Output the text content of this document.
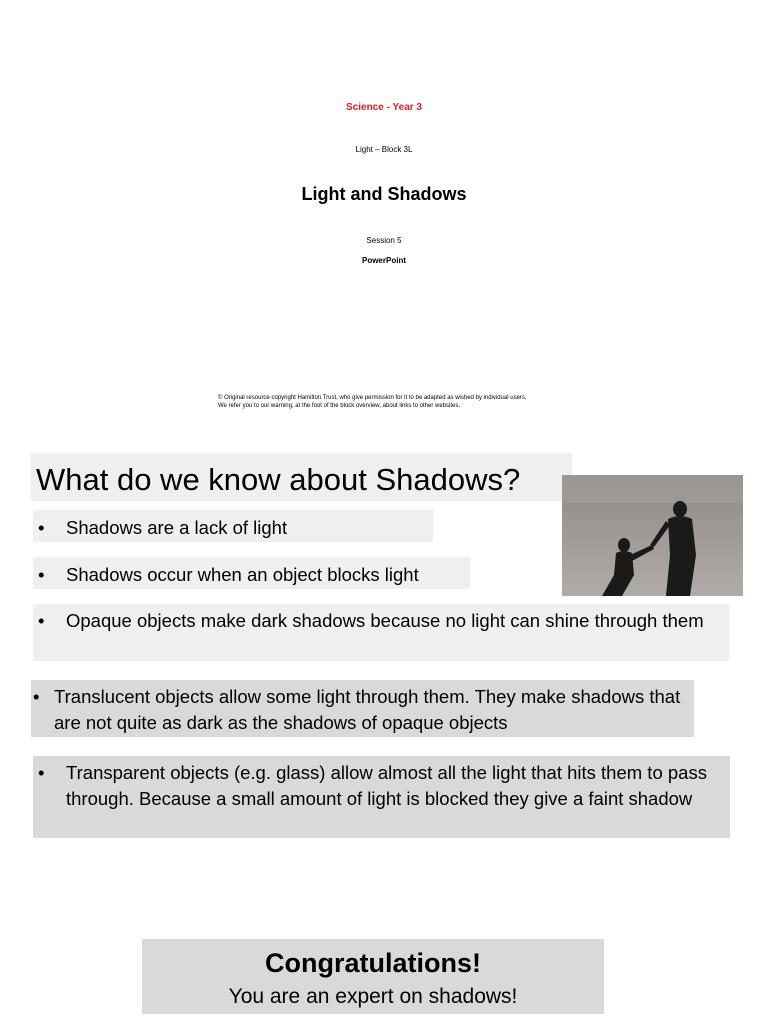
Science - Year 3
Light – Block 3L
Light and Shadows
Session 5
PowerPoint
© Original resource copyright Hamilton Trust, who give permission for it to be adapted as wished by individual users.
We refer you to our warning, at the foot of the block overview, about links to other websites.
What do we know about Shadows?
•	Shadows are a lack of light
•	Shadows occur when an object blocks light
•	Opaque objects make dark shadows because no light can shine through them
• Translucent objects allow some light through them. They make shadows that are not quite as dark as the shadows of opaque objects
•	Transparent objects (e.g. glass) allow almost all the light that hits them to pass through. Because a small amount of light is blocked they give a faint shadow
Congratulations!
You are an expert on shadows!
